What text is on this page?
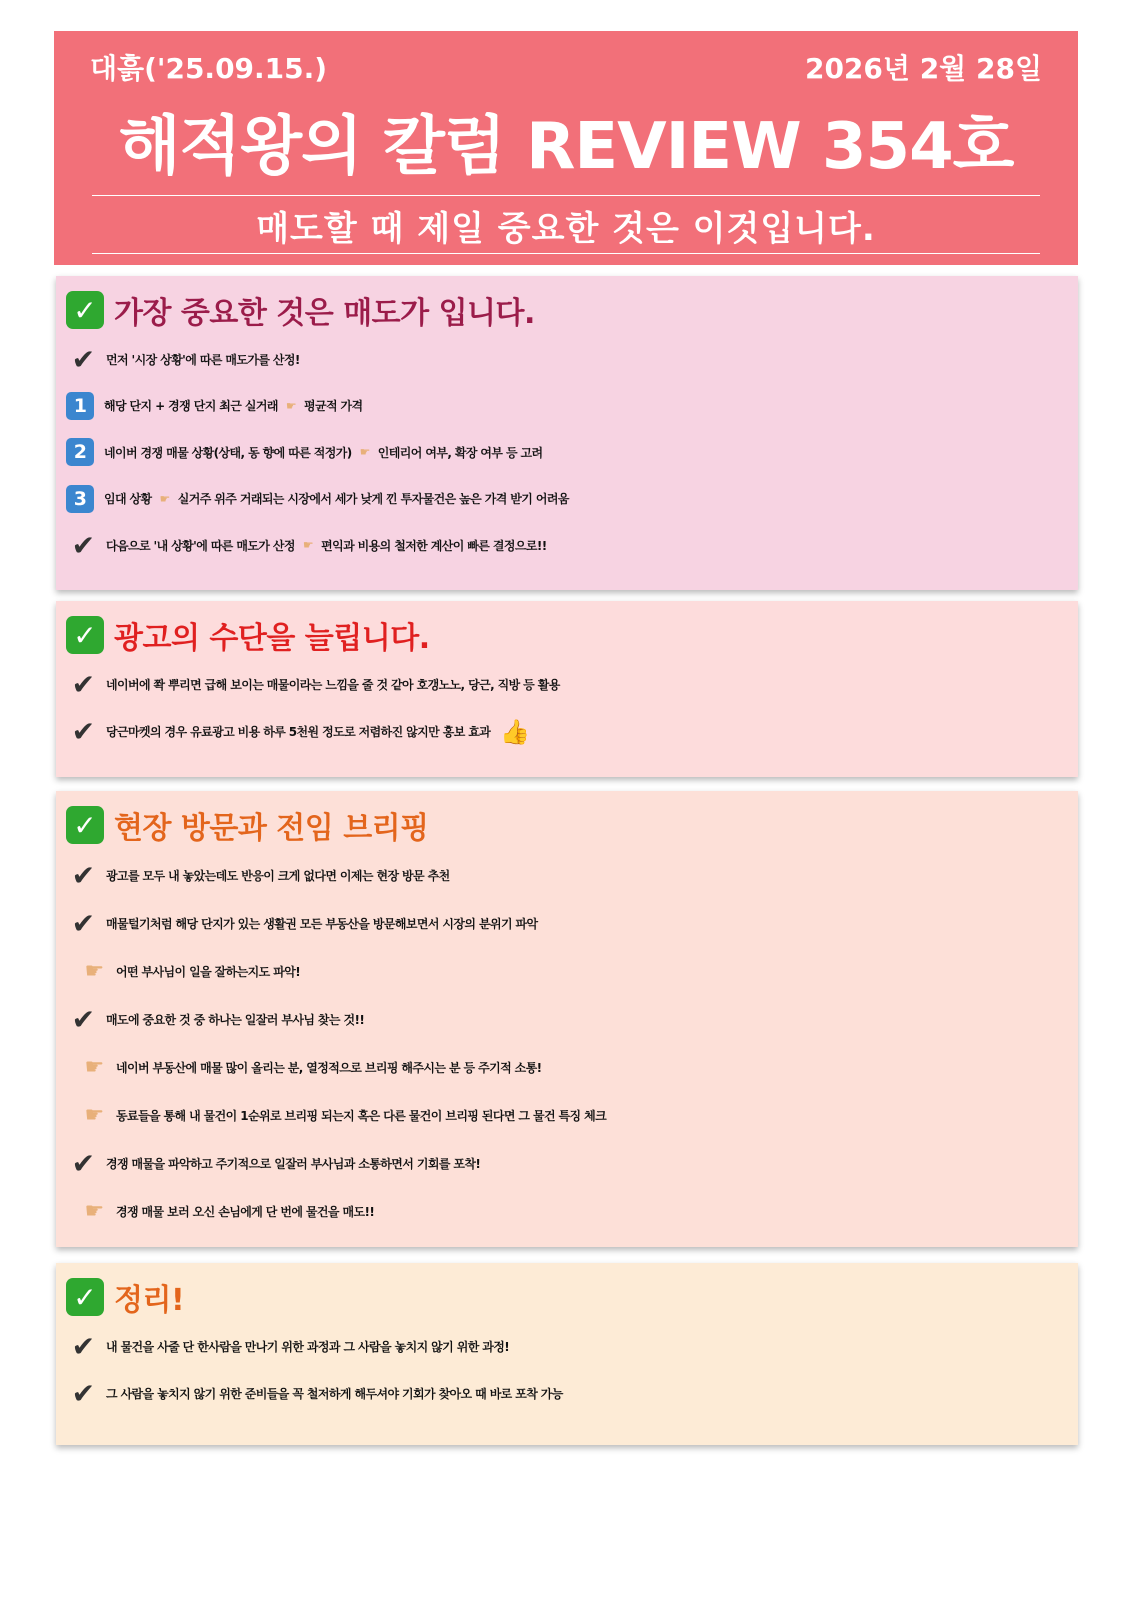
대흙('25.09.15.)	2026년 2월 28일
해적왕의 칼럼 REVIEW 354호
매도할 때 제일 중요한 것은 이것입니다.
✓ 가장 중요한 것은 매도가 입니다.
✔ 먼저 '시장 상황'에 따른 매도가를 산정!
1	해당 단지 + 경쟁 단지 최근 실거래 ☛ 평균적 가격
2	네이버 경쟁 매물 상황(상태, 동 향에 따른 적정가) ☛ 인테리어 여부, 확장 여부 등 고려
3	임대 상황 ☛ 실거주 위주 거래되는 시장에서 세가 낮게 낀 투자물건은 높은 가격 받기 어려움
✔ 다음으로 '내 상황'에 따른 매도가 산정 ☛ 편익과 비용의 철저한 계산이 빠른 결정으로!!
✓ 광고의 수단을 늘립니다.
✔ 네이버에 쫙 뿌리면 급해 보이는 매물이라는 느낌을 줄 것 같아 호갱노노, 당근, 직방 등 활용
✔ 당근마켓의 경우 유료광고 비용 하루 5천원 정도로 저렴하진 않지만 홍보 효과 👍
✓ 현장 방문과 전임 브리핑
✔ 광고를 모두 내 놓았는데도 반응이 크게 없다면 이제는 현장 방문 추천
✔ 매물털기처럼 해당 단지가 있는 생활권 모든 부동산을 방문해보면서 시장의 분위기 파악
☛	어떤 부사님이 일을 잘하는지도 파악!
✔ 매도에 중요한 것 중 하나는 일잘러 부사님 찾는 것!!
☛	네이버 부동산에 매물 많이 올리는 분, 열정적으로 브리핑 해주시는 분 등 주기적 소통!
☛	동료들을 통해 내 물건이 1순위로 브리핑 되는지 혹은 다른 물건이 브리핑 된다면 그 물건 특징 체크
✔ 경쟁 매물을 파악하고 주기적으로 일잘러 부사님과 소통하면서 기회를 포착!
☛	경쟁 매물 보러 오신 손님에게 단 번에 물건을 매도!!
✓ 정리!
✔ 내 물건을 사줄 단 한사람을 만나기 위한 과정과 그 사람을 놓치지 않기 위한 과정!
✔ 그 사람을 놓치지 않기 위한 준비들을 꼭 철저하게 해두셔야 기회가 찾아오 때 바로 포착 가능
